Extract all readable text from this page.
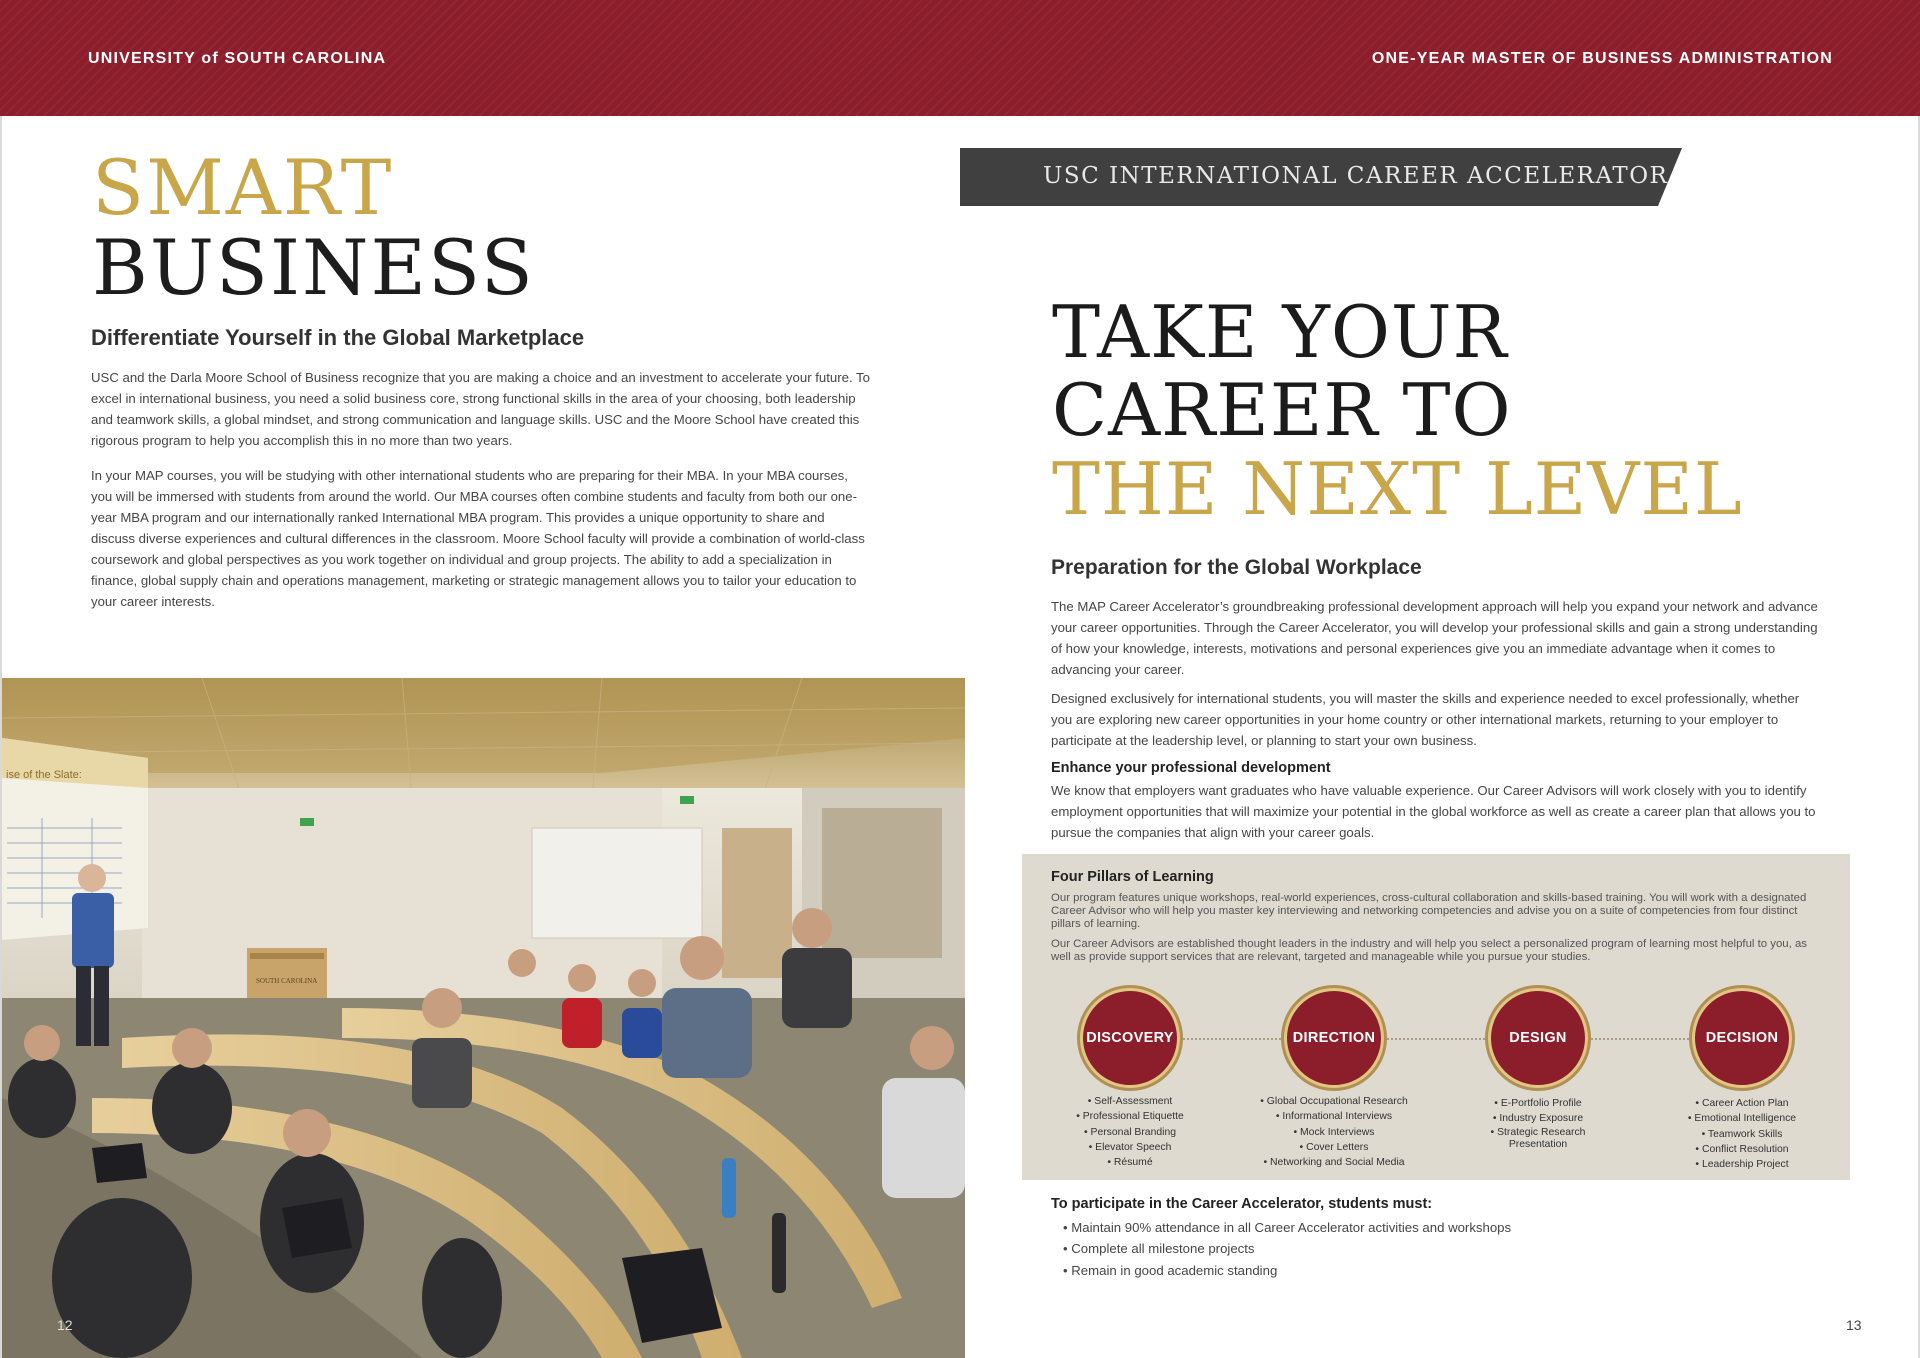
UNIVERSITY of SOUTH CAROLINA	ONE-YEAR MASTER OF BUSINESS ADMINISTRATION
SMART
BUSINESS
Differentiate Yourself in the Global Marketplace

USC and the Darla Moore School of Business recognize that you are making a choice and an investment to accelerate your future. To excel in international business, you need a solid business core, strong functional skills in the area of your choosing, both leadership and teamwork skills, a global mindset, and strong communication and language skills. USC and the Moore School have created this rigorous program to help you accomplish this in no more than two years.

In your MAP courses, you will be studying with other international students who are preparing for their MBA. In your MBA courses, you will be immersed with students from around the world. Our MBA courses often combine students and faculty from both our one-year MBA program and our internationally ranked International MBA program. This provides a unique opportunity to share and discuss diverse experiences and cultural differences in the classroom. Moore School faculty will provide a combination of world-class coursework and global perspectives as you work together on individual and group projects. The ability to add a specialization in finance, global supply chain and operations management, marketing or strategic management allows you to tailor your education to your career interests.

ise of the Slate:
SOUTH CAROLINA
12
USC INTERNATIONAL CAREER ACCELERATOR
TAKE YOUR
CAREER TO
THE NEXT LEVEL
Preparation for the Global Workplace

The MAP Career Accelerator’s groundbreaking professional development approach will help you expand your network and advance your career opportunities. Through the Career Accelerator, you will develop your professional skills and gain a strong understanding of how your knowledge, interests, motivations and personal experiences give you an immediate advantage when it comes to advancing your career.

Designed exclusively for international students, you will master the skills and experience needed to excel professionally, whether you are exploring new career opportunities in your home country or other international markets, returning to your employer to participate at the leadership level, or planning to start your own business.

Enhance your professional development

We know that employers want graduates who have valuable experience. Our Career Advisors will work closely with you to identify employment opportunities that will maximize your potential in the global workforce as well as create a career plan that allows you to pursue the companies that align with your career goals.

Four Pillars of Learning

Our program features unique workshops, real-world experiences, cross-cultural collaboration and skills-based training. You will work with a designated Career Advisor who will help you master key interviewing and networking competencies and advise you on a suite of competencies from four distinct pillars of learning.

Our Career Advisors are established thought leaders in the industry and will help you select a personalized program of learning most helpful to you, as well as provide support services that are relevant, targeted and manageable while you pursue your studies.

DISCOVERY	DIRECTION	DESIGN	DECISION
• Self-Assessment
• Professional Etiquette
• Personal Branding
• Elevator Speech
• Résumé
• Global Occupational Research
• Informational Interviews
• Mock Interviews
• Cover Letters
• Networking and Social Media
• E-Portfolio Profile
• Industry Exposure
• Strategic Research Presentation
• Career Action Plan
• Emotional Intelligence
• Teamwork Skills
• Conflict Resolution
• Leadership Project
To participate in the Career Accelerator, students must:
• Maintain 90% attendance in all Career Accelerator activities and workshops
• Complete all milestone projects
• Remain in good academic standing
13
